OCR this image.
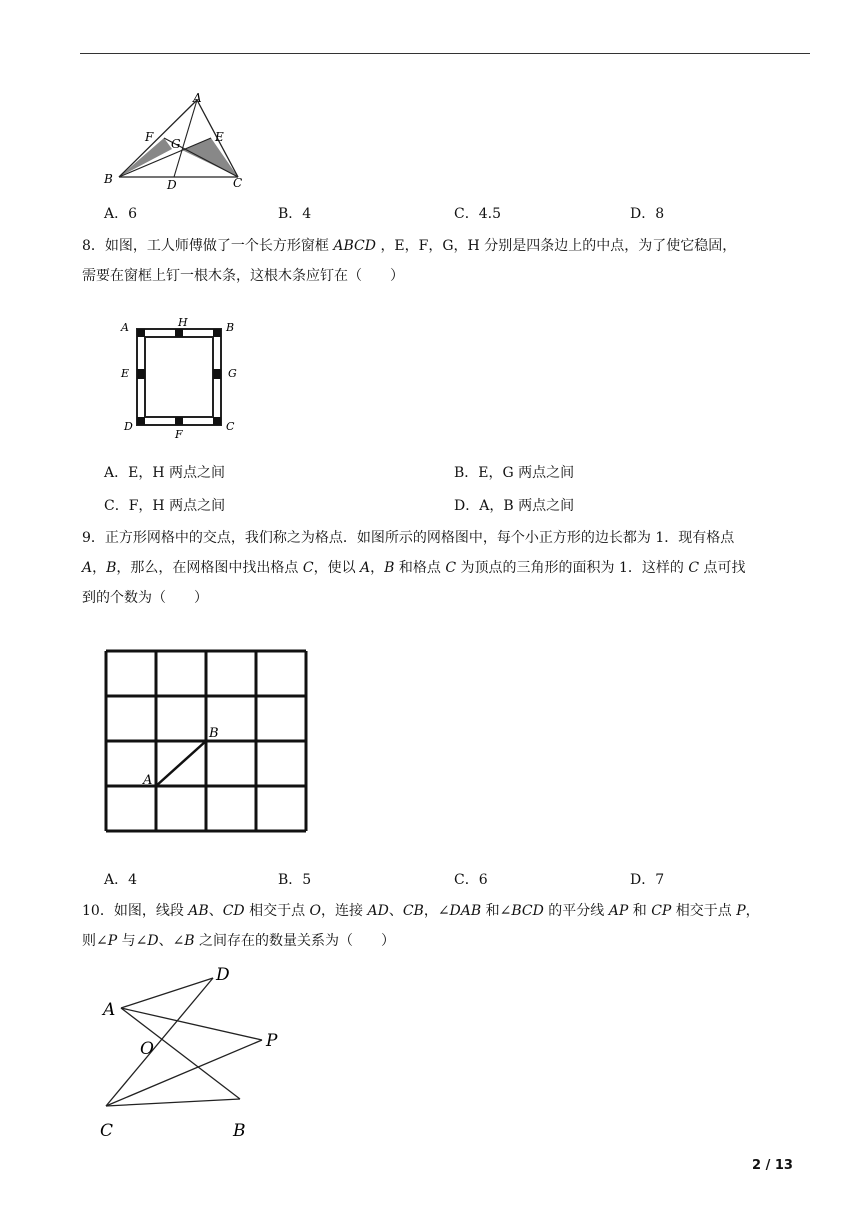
A
F G	E
B	D	C
A．6	B．4	C．4.5	D．8
8．如图，工人师傅做了一个长方形窗框 ABCD ，E，F，G，H 分别是四条边上的中点，为了使它稳固，
需要在窗框上钉一根木条，这根木条应钉在（　　）
A	H	B
E	G
D
F
C
A．E，H 两点之间	B．E，G 两点之间
C．F，H 两点之间	D．A，B 两点之间
9．正方形网格中的交点，我们称之为格点．如图所示的网格图中，每个小正方形的边长都为 1．现有格点
A，B，那么，在网格图中找出格点 C，使以 A，B 和格点 C 为顶点的三角形的面积为 1．这样的 C 点可找
到的个数为（　　）
A
B
A．4	B．5	C．6	D．7
10．如图，线段 AB、CD 相交于点 O，连接 AD、CB，∠DAB 和∠BCD 的平分线 AP 和 CP 相交于点 P，
则∠P 与∠D、∠B 之间存在的数量关系为（　　）
D
A
O	P
C	B
2 / 13
